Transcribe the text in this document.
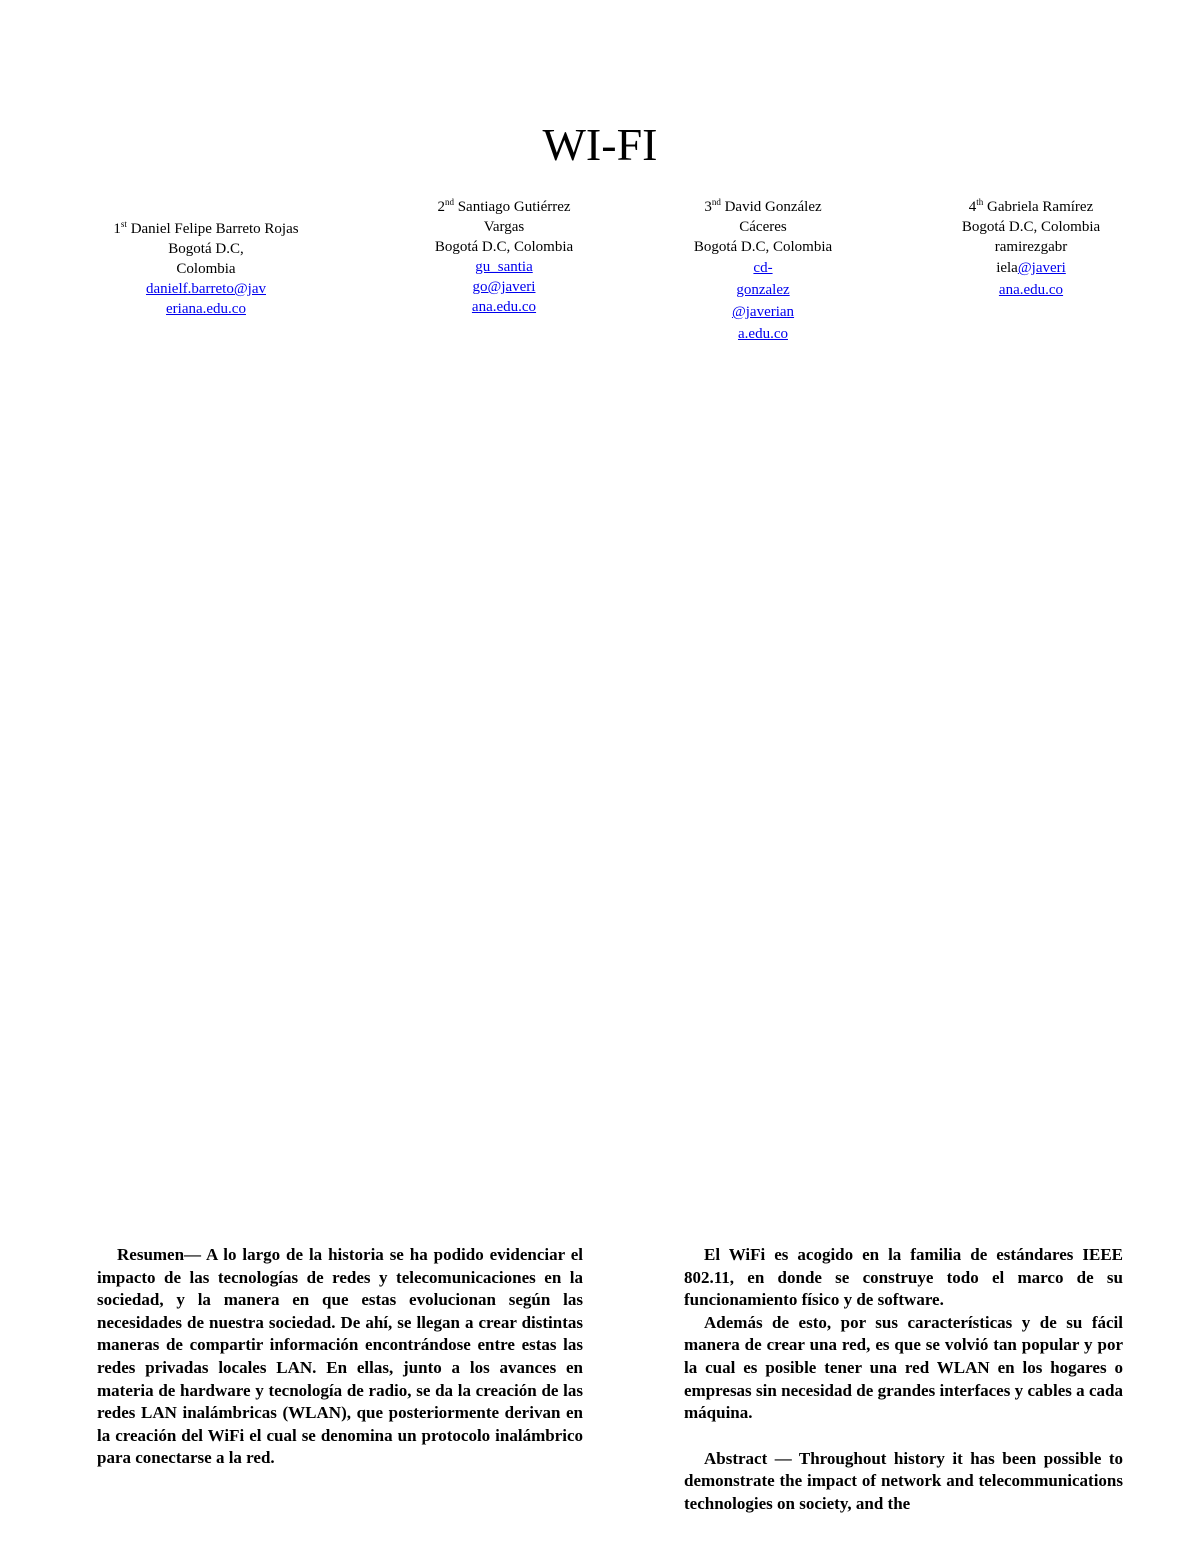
WI-FI
1st Daniel Felipe Barreto Rojas
Bogotá D.C,
Colombia
danielf.barreto@jav
eriana.edu.co
2nd Santiago Gutiérrez
Vargas
Bogotá D.C, Colombia
gu_santia
go@javeri
ana.edu.co
3nd David González
Cáceres
Bogotá D.C, Colombia
cd-
gonzalez
@javerian
a.edu.co
4th Gabriela Ramírez
Bogotá D.C, Colombia
ramirezgabr
iela@javeri
ana.edu.co

Resumen— A lo largo de la historia se ha podido evidenciar el impacto de las tecnologías de redes y telecomunicaciones en la sociedad, y la manera en que estas evolucionan según las necesidades de nuestra sociedad. De ahí, se llegan a crear distintas maneras de compartir información encontrándose entre estas las redes privadas locales LAN. En ellas, junto a los avances en materia de hardware y tecnología de radio, se da la creación de las redes LAN inalámbricas (WLAN), que posteriormente derivan en la creación del WiFi el cual se denomina un protocolo inalámbrico para conectarse a la red.

El WiFi es acogido en la familia de estándares IEEE 802.11, en donde se construye todo el marco de su funcionamiento físico y de software.

Además de esto, por sus características y de su fácil manera de crear una red, es que se volvió tan popular y por la cual es posible tener una red WLAN en los hogares o empresas sin necesidad de grandes interfaces y cables a cada máquina.

Abstract — Throughout history it has been possible to demonstrate the impact of network and telecommunications technologies on society, and the
